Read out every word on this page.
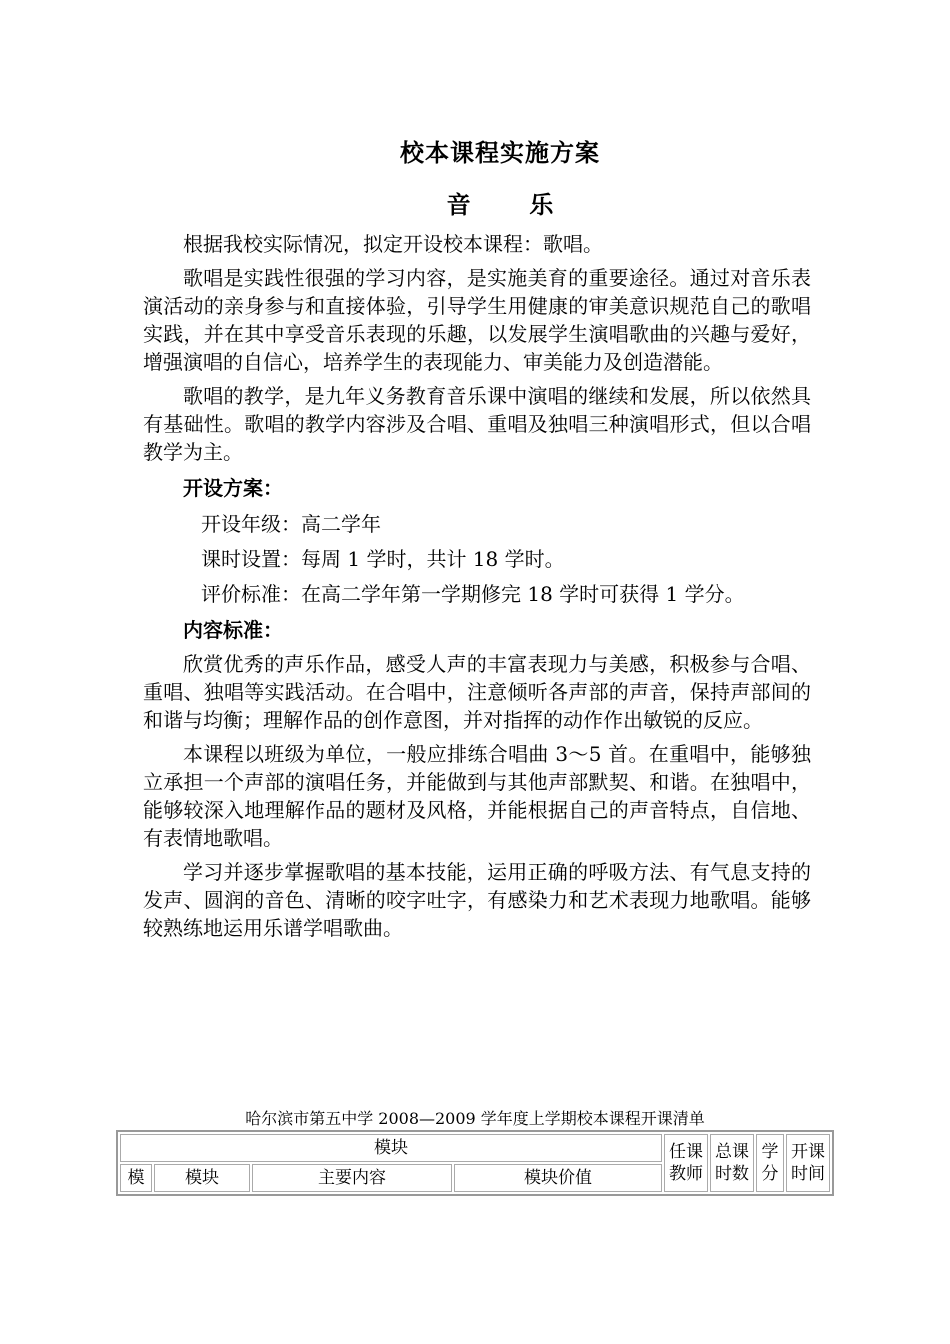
校本课程实施方案
音 乐

根据我校实际情况，拟定开设校本课程：歌唱。

歌唱是实践性很强的学习内容，是实施美育的重要途径。通过对音乐表演活动的亲身参与和直接体验，引导学生用健康的审美意识规范自己的歌唱实践，并在其中享受音乐表现的乐趣，以发展学生演唱歌曲的兴趣与爱好，增强演唱的自信心，培养学生的表现能力、审美能力及创造潜能。

歌唱的教学，是九年义务教育音乐课中演唱的继续和发展，所以依然具有基础性。歌唱的教学内容涉及合唱、重唱及独唱三种演唱形式，但以合唱教学为主。

开设方案：

开设年级：高二学年

课时设置：每周 1 学时，共计 18 学时。

评价标准：在高二学年第一学期修完 18 学时可获得 1 学分。

内容标准：

欣赏优秀的声乐作品，感受人声的丰富表现力与美感，积极参与合唱、重唱、独唱等实践活动。在合唱中，注意倾听各声部的声音，保持声部间的和谐与均衡；理解作品的创作意图，并对指挥的动作作出敏锐的反应。

本课程以班级为单位，一般应排练合唱曲 3～5 首。在重唱中，能够独立承担一个声部的演唱任务，并能做到与其他声部默契、和谐。在独唱中，能够较深入地理解作品的题材及风格，并能根据自己的声音特点，自信地、有表情地歌唱。

学习并逐步掌握歌唱的基本技能，运用正确的呼吸方法、有气息支持的发声、圆润的音色、清晰的咬字吐字，有感染力和艺术表现力地歌唱。能够较熟练地运用乐谱学唱歌曲。

哈尔滨市第五中学 2008—2009 学年度上学期校本课程开课清单
模块				任课教师	总课时数	学分	开课时间
模	模块	主要内容	模块价值				
